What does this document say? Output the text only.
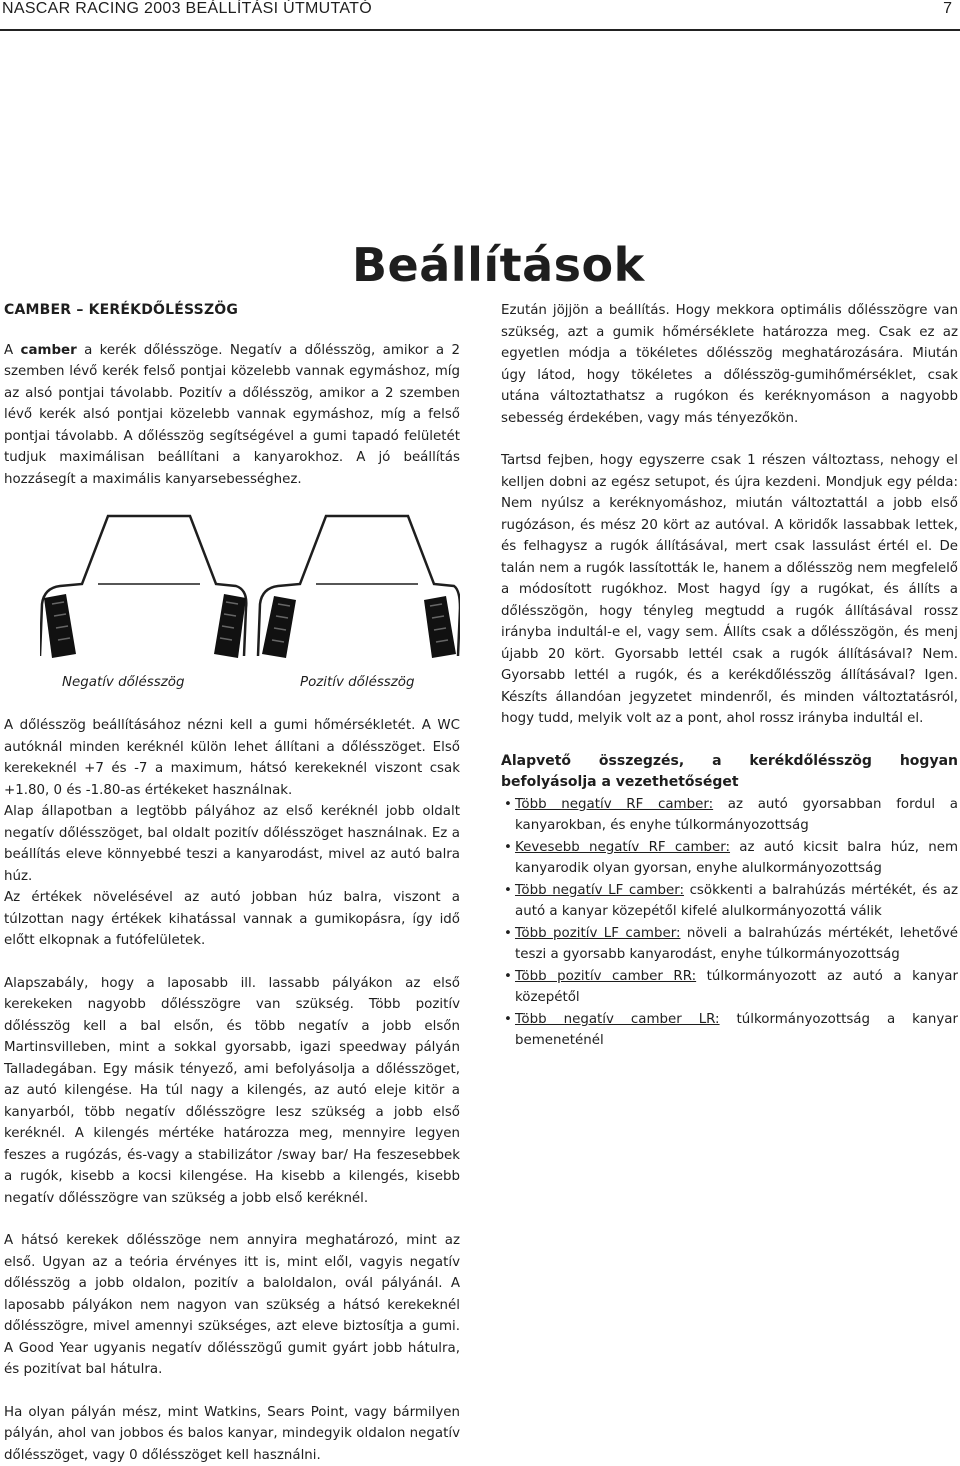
NASCAR RACING 2003 BEÁLLÍTÁSI ÚTMUTATÓ	7
Beállítások

CAMBER – KERÉKDŐLÉSSZÖG

A camber a kerék dőlésszöge. Negatív a dőlésszög, amikor a 2 szemben lévő kerék felső pontjai közelebb vannak egymáshoz, míg az alsó pontjai távolabb. Pozitív a dőlésszög, amikor a 2 szemben lévő kerék alsó pontjai közelebb vannak egymáshoz, míg a felső pontjai távolabb. A dőlésszög segítségével a gumi tapadó felületét tudjuk maximálisan beállítani a kanyarokhoz. A jó beállítás hozzásegít a maximális kanyarsebességhez.

Negatív dőlésszög	Pozitív dőlésszög

A dőlésszög beállításához nézni kell a gumi hőmérsékletét. A WC autóknál minden keréknél külön lehet állítani a dőlésszöget. Első kerekeknél +7 és -7 a maximum, hátsó kerekeknél viszont csak +1.80, 0 és -1.80-as értékeket használnak.

Alap állapotban a legtöbb pályához az első keréknél jobb oldalt negatív dőlésszöget, bal oldalt pozitív dőlésszöget használnak. Ez a beállítás eleve könnyebbé teszi a kanyarodást, mivel az autó balra húz.

Az értékek növelésével az autó jobban húz balra, viszont a túlzottan nagy értékek kihatással vannak a gumikopásra, így idő előtt elkopnak a futófelületek.

Alapszabály, hogy a laposabb ill. lassabb pályákon az első kerekeken nagyobb dőlésszögre van szükség. Több pozitív dőlésszög kell a bal elsőn, és több negatív a jobb elsőn Martinsvilleben, mint a sokkal gyorsabb, igazi speedway pályán Talladegában. Egy másik tényező, ami befolyásolja a dőlésszöget, az autó kilengése. Ha túl nagy a kilengés, az autó eleje kitör a kanyarból, több negatív dőlésszögre lesz szükség a jobb első keréknél. A kilengés mértéke határozza meg, mennyire legyen feszes a rugózás, és-vagy a stabilizátor /sway bar/ Ha feszesebbek a rugók, kisebb a kocsi kilengése. Ha kisebb a kilengés, kisebb negatív dőlésszögre van szükség a jobb első keréknél.

A hátsó kerekek dőlésszöge nem annyira meghatározó, mint az első. Ugyan az a teória érvényes itt is, mint elől, vagyis negatív dőlésszög a jobb oldalon, pozitív a baloldalon, ovál pályánál. A laposabb pályákon nem nagyon van szükség a hátsó kerekeknél dőlésszögre, mivel amennyi szükséges, azt eleve biztosítja a gumi. A Good Year ugyanis negatív dőlésszögű gumit gyárt jobb hátulra, és pozitívat bal hátulra.

Ha olyan pályán mész, mint Watkins, Sears Point, vagy bármilyen pályán, ahol van jobbos és balos kanyar, mindegyik oldalon negatív dőlésszöget, vagy 0 dőlésszöget kell használni.

Ezután jöjjön a beállítás. Hogy mekkora optimális dőlésszögre van szükség, azt a gumik hőmérséklete határozza meg. Csak ez az egyetlen módja a tökéletes dőlésszög meghatározására. Miután úgy látod, hogy tökéletes a dőlésszög-gumihőmérséklet, csak utána változtathatsz a rugókon és keréknyomáson a nagyobb sebesség érdekében, vagy más tényezőkön.

Tartsd fejben, hogy egyszerre csak 1 részen változtass, nehogy el kelljen dobni az egész setupot, és újra kezdeni. Mondjuk egy példa: Nem nyúlsz a keréknyomáshoz, miután változtattál a jobb első rugózáson, és mész 20 kört az autóval. A köridők lassabbak lettek, és felhagysz a rugók állításával, mert csak lassulást értél el. De talán nem a rugók lassították le, hanem a dőlésszög nem megfelelő a módosított rugókhoz. Most hagyd így a rugókat, és állíts a dőlésszögön, hogy tényleg megtudd a rugók állításával rossz irányba indultál-e el, vagy sem. Állíts csak a dőlésszögön, és menj újabb 20 kört. Gyorsabb lettél csak a rugók állításával? Nem. Gyorsabb lettél a rugók, és a kerékdőlésszög állításával? Igen. Készíts állandóan jegyzetet mindenről, és minden változtatásról, hogy tudd, melyik volt az a pont, ahol rossz irányba indultál el.

Alapvető összegzés, a kerékdőlésszög hogyan befolyásolja a vezethetőséget

• Több negatív RF camber: az autó gyorsabban fordul a kanyarokban, és enyhe túlkormányozottság
• Kevesebb negatív RF camber: az autó kicsit balra húz, nem kanyarodik olyan gyorsan, enyhe alulkormányozottság
• Több negatív LF camber: csökkenti a balrahúzás mértékét, és az autó a kanyar közepétől kifelé alulkormányozottá válik
• Több pozitív LF camber: növeli a balrahúzás mértékét, lehetővé teszi a gyorsabb kanyarodást, enyhe túlkormányozottság
• Több pozitív camber RR: túlkormányozott az autó a kanyar közepétől
• Több negatív camber LR: túlkormányozottság a kanyar bemeneténél
